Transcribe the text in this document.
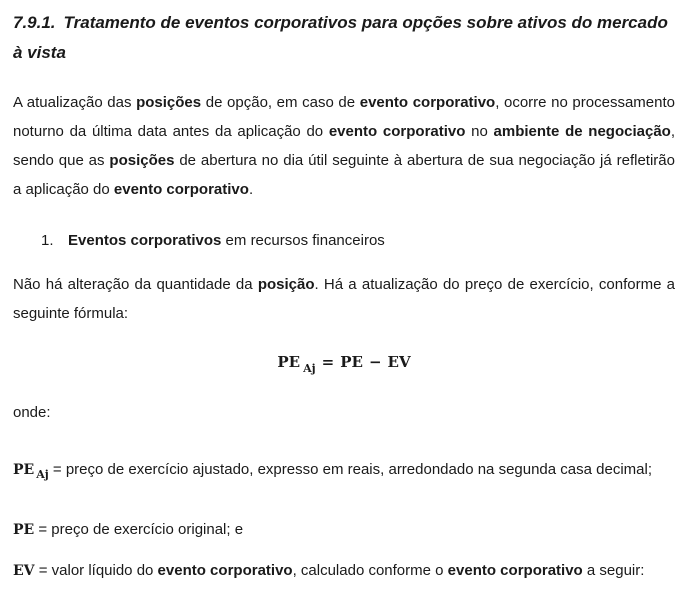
7.9.1. Tratamento de eventos corporativos para opções sobre ativos do mercado à vista
A atualização das posições de opção, em caso de evento corporativo, ocorre no processamento noturno da última data antes da aplicação do evento corporativo no ambiente de negociação, sendo que as posições de abertura no dia útil seguinte à abertura de sua negociação já refletirão a aplicação do evento corporativo.
1. Eventos corporativos em recursos financeiros
Não há alteração da quantidade da posição. Há a atualização do preço de exercício, conforme a seguinte fórmula:
PE $_{Aj}$ = PE − EV
onde:
PE $_{Aj}$ = preço de exercício ajustado, expresso em reais, arredondado na segunda casa decimal;
PE = preço de exercício original; e
EV = valor líquido do evento corporativo, calculado conforme o evento corporativo a seguir:
